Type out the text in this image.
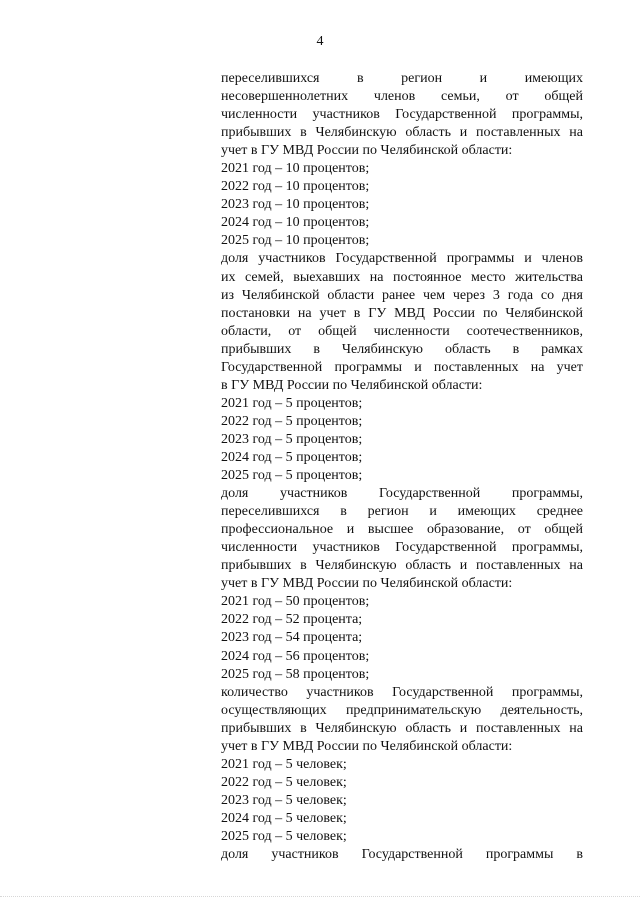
4
переселившихся в регион и имеющих
несовершеннолетних членов семьи, от общей
численности участников Государственной программы,
прибывших в Челябинскую область и поставленных на
учет в ГУ МВД России по Челябинской области:
2021 год – 10 процентов;
2022 год – 10 процентов;
2023 год – 10 процентов;
2024 год – 10 процентов;
2025 год – 10 процентов;
доля участников Государственной программы и членов
их семей, выехавших на постоянное место жительства
из Челябинской области ранее чем через 3 года со дня
постановки на учет в ГУ МВД России по Челябинской
области, от общей численности соотечественников,
прибывших в Челябинскую область в рамках
Государственной программы и поставленных на учет
в ГУ МВД России по Челябинской области:
2021 год – 5 процентов;
2022 год – 5 процентов;
2023 год – 5 процентов;
2024 год – 5 процентов;
2025 год – 5 процентов;
доля участников Государственной программы,
переселившихся в регион и имеющих среднее
профессиональное и высшее образование, от общей
численности участников Государственной программы,
прибывших в Челябинскую область и поставленных на
учет в ГУ МВД России по Челябинской области:
2021 год – 50 процентов;
2022 год – 52 процента;
2023 год – 54 процента;
2024 год – 56 процентов;
2025 год – 58 процентов;
количество участников Государственной программы,
осуществляющих предпринимательскую деятельность,
прибывших в Челябинскую область и поставленных на
учет в ГУ МВД России по Челябинской области:
2021 год – 5 человек;
2022 год – 5 человек;
2023 год – 5 человек;
2024 год – 5 человек;
2025 год – 5 человек;
доля участников Государственной программы в
